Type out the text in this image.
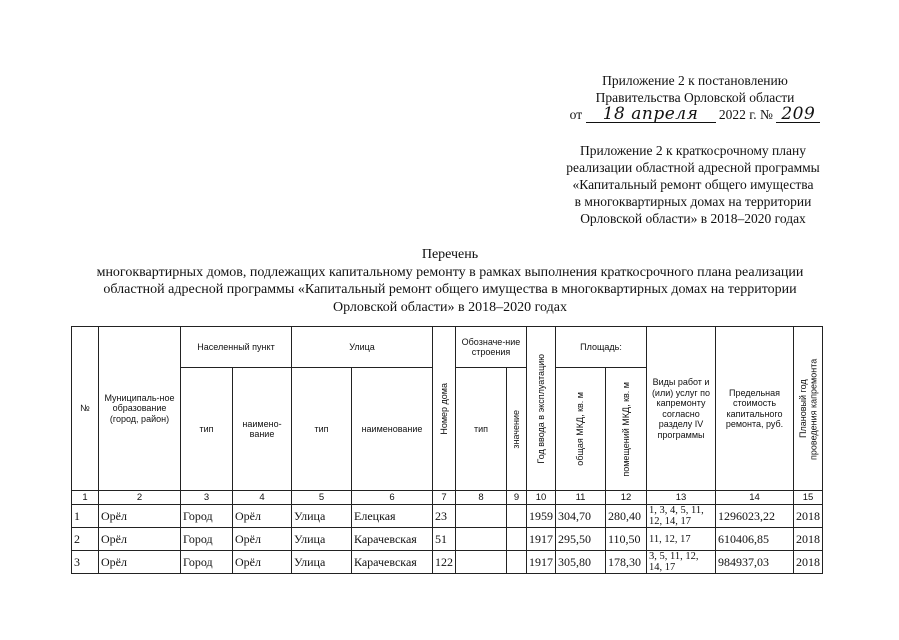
Приложение 2 к постановлению
Правительства Орловской области
от 18 апреля 2022 г. № 209
Приложение 2 к краткосрочному плану
реализации областной адресной программы
«Капитальный ремонт общего имущества
в многоквартирных домах на территории
Орловской области» в 2018–2020 годах
Перечень
многоквартирных домов, подлежащих капитальному ремонту в рамках выполнения краткосрочного плана реализации
областной адресной программы «Капитальный ремонт общего имущества в многоквартирных домах на территории
Орловской области» в 2018–2020 годах
№	Муниципаль-ное образование (город, район)	Населенный пункт		Улица		Номер дома	Обозначе-ние строения		Год ввода в эксплуатацию	Площадь:		Виды работ и (или) услуг по капремонту согласно разделу IV программы	Предельная стоимость капитального ремонта, руб.	Плановый год проведения капремонта

		тип	наимено-вание	тип	наименование		тип	значение		общая МКД, кв. м	помещений МКД, кв. м			

1	2	3	4	5	6	7	8	9	10	11	12	13	14	15
1	Орёл	Город	Орёл	Улица	Елецкая	23			1959	304,70	280,40	1, 3, 4, 5, 11, 12, 14, 17	1296023,22	2018
2	Орёл	Город	Орёл	Улица	Карачевская	51			1917	295,50	110,50	11, 12, 17	610406,85	2018
3	Орёл	Город	Орёл	Улица	Карачевская	122			1917	305,80	178,30	3, 5, 11, 12, 14, 17	984937,03	2018
